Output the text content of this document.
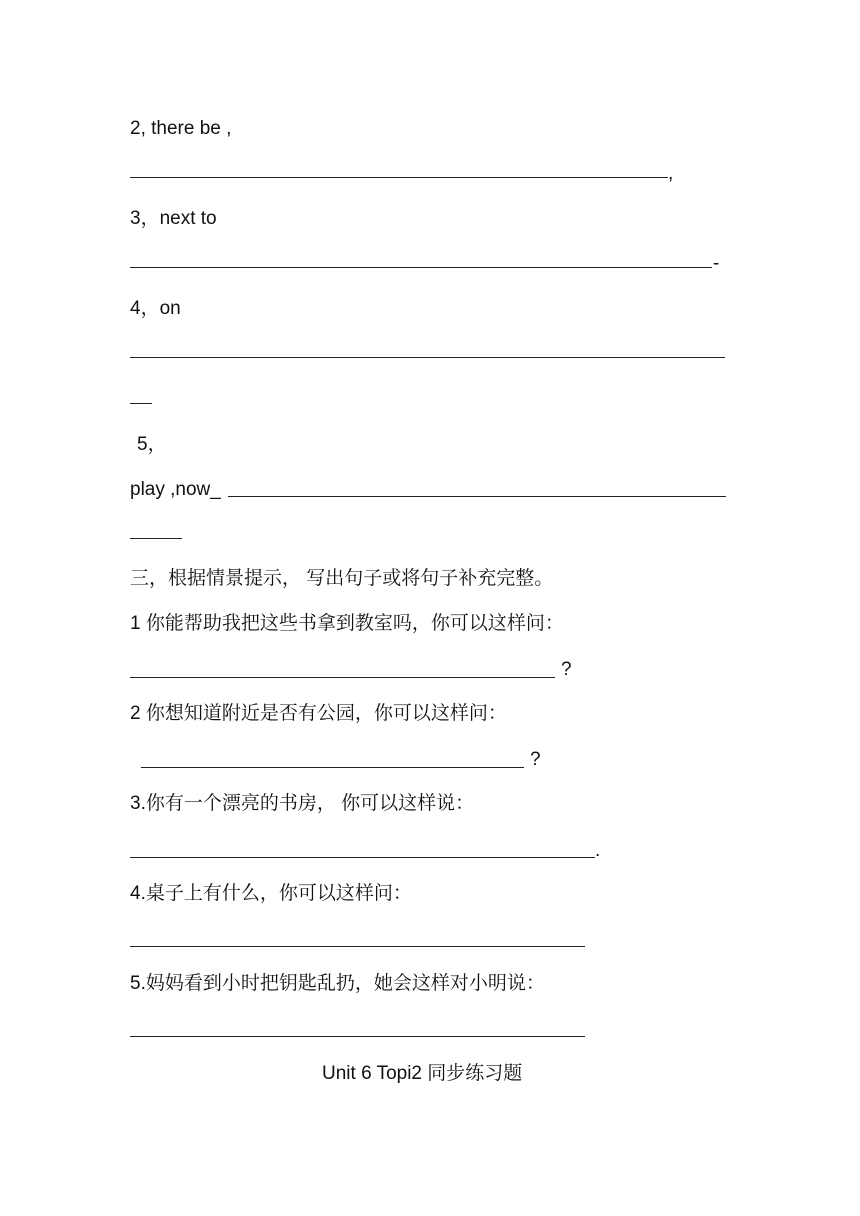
2, there be ,
,
3，next to
-
4，on
5，
play ,now_
三，根据情景提示， 写出句子或将句子补充完整。
1 你能帮助我把这些书拿到教室吗，你可以这样问：
?
2 你想知道附近是否有公园，你可以这样问：
?
3.你有一个漂亮的书房， 你可以这样说：
.
4.桌子上有什么，你可以这样问：
5.妈妈看到小时把钥匙乱扔，她会这样对小明说：
Unit 6 Topi2 同步练习题
